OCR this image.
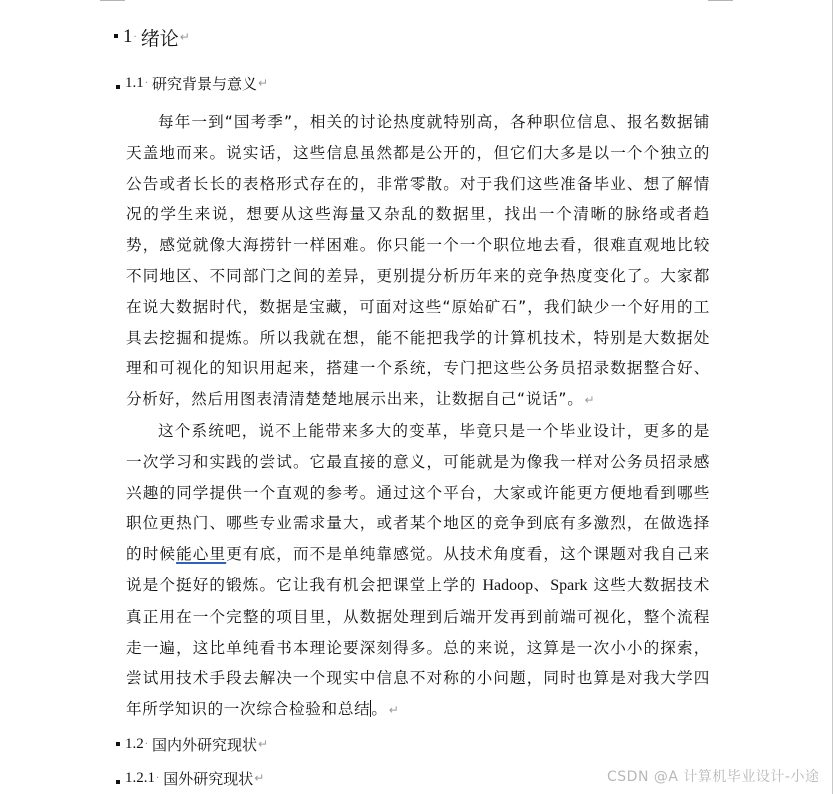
1 · 绪论 ↵
1.1 · 研究背景与意义 ↵
每年一到“国考季”，相关的讨论热度就特别高，各种职位信息、报名数据铺天盖地而来。说实话，这些信息虽然都是公开的，但它们大多是以一个个独立的公告或者长长的表格形式存在的，非常零散。对于我们这些准备毕业、想了解情况的学生来说，想要从这些海量又杂乱的数据里，找出一个清晰的脉络或者趋势，感觉就像大海捞针一样困难。你只能一个一个职位地去看，很难直观地比较不同地区、不同部门之间的差异，更别提分析历年来的竞争热度变化了。大家都在说大数据时代，数据是宝藏，可面对这些“原始矿石”，我们缺少一个好用的工具去挖掘和提炼。所以我就在想，能不能把我学的计算机技术，特别是大数据处理和可视化的知识用起来，搭建一个系统，专门把这些公务员招录数据整合好、分析好，然后用图表清清楚楚地展示出来，让数据自己“说话”。↵
这个系统吧，说不上能带来多大的变革，毕竟只是一个毕业设计，更多的是一次学习和实践的尝试。它最直接的意义，可能就是为像我一样对公务员招录感兴趣的同学提供一个直观的参考。通过这个平台，大家或许能更方便地看到哪些职位更热门、哪些专业需求量大，或者某个地区的竞争到底有多激烈，在做选择的时候能心里更有底，而不是单纯靠感觉。从技术角度看，这个课题对我自己来说是个挺好的锻炼。它让我有机会把课堂上学的 Hadoop、Spark 这些大数据技术真正用在一个完整的项目里，从数据处理到后端开发再到前端可视化，整个流程走一遍，这比单纯看书本理论要深刻得多。总的来说，这算是一次小小的探索，尝试用技术手段去解决一个现实中信息不对称的小问题，同时也算是对我大学四年所学知识的一次综合检验和总结。↵
1.2 · 国内外研究现状 ↵
1.2.1 · 国外研究现状 ↵	CSDN @A 计算机毕业设计-小途
